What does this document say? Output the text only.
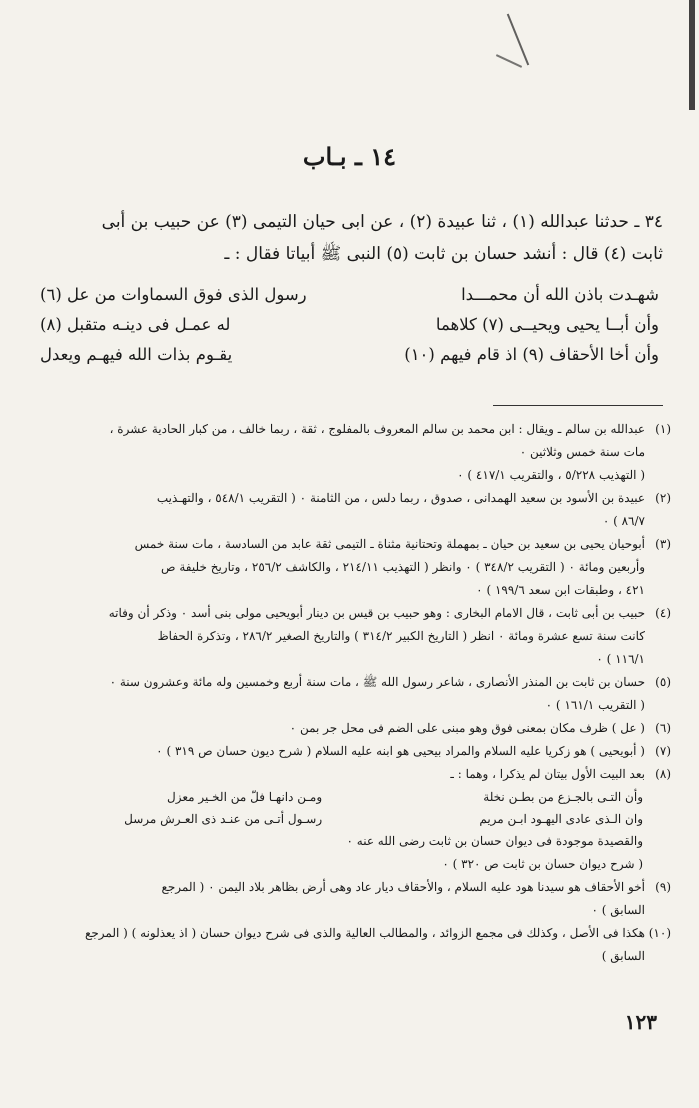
١٤ ـ بـاب

٣٤ ـ حدثنا عبدالله (١) ، ثنا عبيدة (٢) ، عن ابى حيان التيمى (٣) عن حبيب بن أبى

ثابت (٤) قال : أنشد حسان بن ثابت (٥) النبى ﷺ أبياتا فقال : ـ

شهـدت باذن الله أن محمـــدا
رسول الذى فوق السماوات من عل (٦)
وأن أبــا يحيى ويحيــى (٧) كلاهما
له عمـل فى دينـه متقبل (٨)
وأن أخا الأحقاف (٩) اذ قام فيهم (١٠)
يقـوم بذات الله فيهـم ويعدل
(١)
عبدالله بن سالم ـ ويقال : ابن محمد بن سالم المعروف بالمفلوج ، ثقة ، ربما خالف ، من كبار الحادية عشرة ،
مات سنة خمس وثلاثين ٠
( التهذيب ٥/٢٢٨ ، والتقريب ٤١٧/١ ) ٠
(٢)
عبيدة بن الأسود بن سعيد الهمدانى ، صدوق ، ربما دلس ، من الثامنة ٠ ( التقريب ٥٤٨/١ ، والتهـذيب
٨٦/٧ ) ٠
(٣)
أبوحيان يحيى بن سعيد بن حيان ـ بمهملة وتحتانية مثناة ـ التيمى ثقة عابد من السادسة ، مات سنة خمس
وأربعين ومائة ٠ ( التقريب ٣٤٨/٢ ) ٠ وانظر ( التهذيب ٢١٤/١١ ، والكاشف ٢٥٦/٢ ، وتاريخ خليفة ص
٤٢١ ، وطبقات ابن سعد ١٩٩/٦ ) ٠
(٤)
حبيب بن أبى ثابت ، قال الامام البخارى : وهو حبيب بن قيس بن دينار أبويحيى مولى بنى أسد ٠ وذكر أن وفاته
كانت سنة تسع عشرة ومائة ٠ انظر ( التاريخ الكبير ٣١٤/٢ ) والتاريخ الصغير ٢٨٦/٢ ، وتذكرة الحفاظ
١١٦/١ ) ٠
(٥)
حسان بن ثابت بن المنذر الأنصارى ، شاعر رسول الله ﷺ ، مات سنة أربع وخمسين وله مائة وعشرون سنة ٠
( التقريب ١٦١/١ ) ٠
(٦)
( عل ) ظرف مكان بمعنى فوق وهو مبنى على الضم فى محل جر بمن ٠
(٧)
( أبويحيى ) هو زكريا عليه السلام والمراد بيحيى هو ابنه عليه السلام ( شرح ديون حسان ص ٣١٩ ) ٠
(٨)
بعد البيت الأول بيتان لم يذكرا ، وهما : ـ
وأن التـى بالجـزع من بطـن نخلة
ومـن دانهـا فلّ من الخـير معزل
وان الـذى عادى اليهـود ابـن مريم
رسـول أتـى من عنـد ذى العـرش مرسل
والقصيدة موجودة فى ديوان حسان بن ثابت رضى الله عنه ٠
( شرح ديوان حسان بن ثابت ص ٣٢٠ ) ٠
(٩)
أخو الأحقاف هو سيدنا هود عليه السلام ، والأحقاف ديار عاد وهى أرض بظاهر بلاد اليمن ٠ ( المرجع
السابق ) ٠
(١٠)
هكذا فى الأصل ، وكذلك فى مجمع الزوائد ، والمطالب العالية والذى فى شرح ديوان حسان ( اذ يعذلونه ) ( المرجع
السابق )
١٢٣
